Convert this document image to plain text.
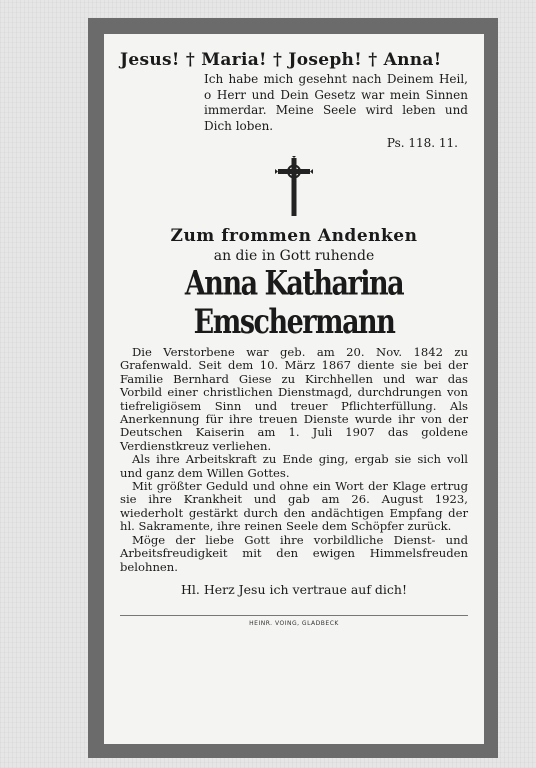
Jesus! † Maria! † Joseph! † Anna!
Ich habe mich gesehnt nach Deinem Heil, o Herr und Dein Gesetz war mein Sinnen immerdar. Meine Seele wird leben und Dich loben.
Ps. 118. 11.
Zum frommen Andenken
an die in Gott ruhende
Anna Katharina Emschermann

Die Verstorbene war geb. am 20. Nov. 1842 zu Grafenwald. Seit dem 10. März 1867 diente sie bei der Familie Bernhard Giese zu Kirchhellen und war das Vorbild einer christlichen Dienstmagd, durchdrungen von tiefreligiösem Sinn und treuer Pflichterfüllung. Als Anerkennung für ihre treuen Dienste wurde ihr von der Deutschen Kaiserin am 1. Juli 1907 das goldene Verdienstkreuz verliehen.

Als ihre Arbeitskraft zu Ende ging, ergab sie sich voll und ganz dem Willen Gottes.

Mit größter Geduld und ohne ein Wort der Klage ertrug sie ihre Krankheit und gab am 26. August 1923, wiederholt gestärkt durch den andächtigen Empfang der hl. Sakramente, ihre reinen Seele dem Schöpfer zurück.

Möge der liebe Gott ihre vorbildliche Dienst- und Arbeitsfreudigkeit mit den ewigen Himmelsfreuden belohnen.

Hl. Herz Jesu ich vertraue auf dich!
HEINR. VOING, GLADBECK
